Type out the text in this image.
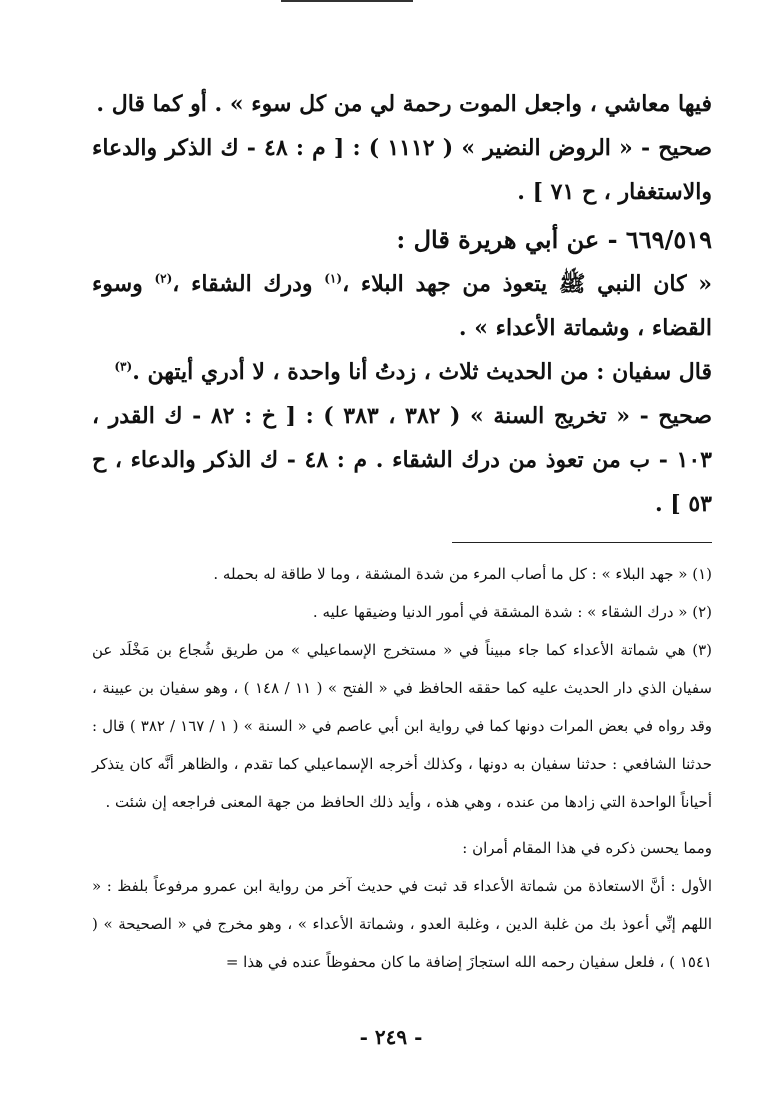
فيها معاشي ، واجعل الموت رحمة لي من كل سوء » . أو كما قال .

صحيح - « الروض النضير » ( ١١١٢ ) : [ م : ٤٨ - ك الذكر والدعاء والاستغفار ، ح ٧١ ] .

٦٦٩/٥١٩ - عن أبي هريرة قال :

« كان النبي ﷺ يتعوذ من جهد البلاء ،$^{(١)}$ ودرك الشقاء ،$^{(٢)}$ وسوء القضاء ، وشماتة الأعداء » .

قال سفيان : من الحديث ثلاث ، زدتُ أنا واحدة ، لا أدري أيتهن .$^{(٣)}$

صحيح - « تخريج السنة » ( ٣٨٢ ، ٣٨٣ ) : [ خ : ٨٢ - ك القدر ، ١٠٣ - ب من تعوذ من درك الشقاء . م : ٤٨ - ك الذكر والدعاء ، ح ٥٣ ] .

(١) « جهد البلاء » : كل ما أصاب المرء من شدة المشقة ، وما لا طاقة له بحمله .

(٢) « درك الشقاء » : شدة المشقة في أمور الدنيا وضيقها عليه .

(٣) هي شماتة الأعداء كما جاء مبيناً في « مستخرج الإسماعيلي » من طريق شُجاع بن مَخْلَد عن سفيان الذي دار الحديث عليه كما حققه الحافظ في « الفتح » ( ١١ / ١٤٨ ) ، وهو سفيان بن عيينة ، وقد رواه في بعض المرات دونها كما في رواية ابن أبي عاصم في « السنة » ( ١ / ١٦٧ / ٣٨٢ ) قال : حدثنا الشافعي : حدثنا سفيان به دونها ، وكذلك أخرجه الإسماعيلي كما تقدم ، والظاهر أنَّه كان يتذكر أحياناً الواحدة التي زادها من عنده ، وهي هذه ، وأيد ذلك الحافظ من جهة المعنى فراجعه إن شئت .

ومما يحسن ذكره في هذا المقام أمران :

الأول : أنَّ الاستعاذة من شماتة الأعداء قد ثبت في حديث آخر من رواية ابن عمرو مرفوعاً بلفظ : « اللهم إنِّي أعوذ بك من غلبة الدين ، وغلبة العدو ، وشماتة الأعداء » ، وهو مخرج في « الصحيحة » ( ١٥٤١ ) ، فلعل سفيان رحمه الله استجازَ إضافة ما كان محفوظاً عنده في هذا =

- ٢٤٩ -
